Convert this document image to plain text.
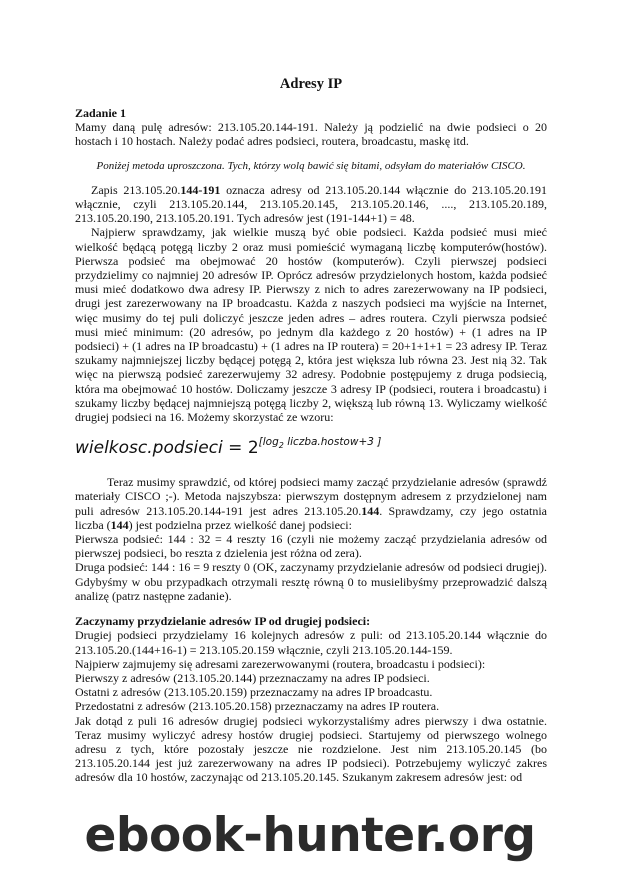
Adresy IP
Zadanie 1

Mamy daną pulę adresów: 213.105.20.144-191. Należy ją podzielić na dwie podsieci o 20 hostach i 10 hostach. Należy podać adres podsieci, routera, broadcastu, maskę itd.

Poniżej metoda uproszczona. Tych, którzy wolą bawić się bitami, odsyłam do materiałów CISCO.

Zapis 213.105.20.144-191 oznacza adresy od 213.105.20.144 włącznie do 213.105.20.191 włącznie, czyli 213.105.20.144, 213.105.20.145, 213.105.20.146, ...., 213.105.20.189, 213.105.20.190, 213.105.20.191. Tych adresów jest (191-144+1) = 48.

Najpierw sprawdzamy, jak wielkie muszą być obie podsieci. Każda podsieć musi mieć wielkość będącą potęgą liczby 2 oraz musi pomieścić wymaganą liczbę komputerów(hostów). Pierwsza podsieć ma obejmować 20 hostów (komputerów). Czyli pierwszej podsieci przydzielimy co najmniej 20 adresów IP. Oprócz adresów przydzielonych hostom, każda podsieć musi mieć dodatkowo dwa adresy IP. Pierwszy z nich to adres zarezerwowany na IP podsieci, drugi jest zarezerwowany na IP broadcastu. Każda z naszych podsieci ma wyjście na Internet, więc musimy do tej puli doliczyć jeszcze jeden adres – adres routera. Czyli pierwsza podsieć musi mieć minimum: (20 adresów, po jednym dla każdego z 20 hostów) + (1 adres na IP podsieci) + (1 adres na IP broadcastu) + (1 adres na IP routera) = 20+1+1+1 = 23 adresy IP. Teraz szukamy najmniejszej liczby będącej potęgą 2, która jest większa lub równa 23. Jest nią 32. Tak więc na pierwszą podsieć zarezerwujemy 32 adresy. Podobnie postępujemy z druga podsiecią, która ma obejmować 10 hostów. Doliczamy jeszcze 3 adresy IP (podsieci, routera i broadcastu) i szukamy liczby będącej najmniejszą potęgą liczby 2, większą lub równą 13. Wyliczamy wielkość drugiej podsieci na 16. Możemy skorzystać ze wzoru:

wielkosc.podsieci = 2[log2 liczba.hostow+3 ]

Teraz musimy sprawdzić, od której podsieci mamy zacząć przydzielanie adresów (sprawdź materiały CISCO ;-). Metoda najszybsza: pierwszym dostępnym adresem z przydzielonej nam puli adresów 213.105.20.144-191 jest adres 213.105.20.144. Sprawdzamy, czy jego ostatnia liczba (144) jest podzielna przez wielkość danej podsieci:

Pierwsza podsieć: 144 : 32 = 4 reszty 16 (czyli nie możemy zacząć przydzielania adresów od pierwszej podsieci, bo reszta z dzielenia jest różna od zera).

Druga podsieć: 144 : 16 = 9 reszty 0 (OK, zaczynamy przydzielanie adresów od podsieci drugiej). Gdybyśmy w obu przypadkach otrzymali resztę równą 0 to musielibyśmy przeprowadzić dalszą analizę (patrz następne zadanie).

Zaczynamy przydzielanie adresów IP od drugiej podsieci:

Drugiej podsieci przydzielamy 16 kolejnych adresów z puli: od 213.105.20.144 włącznie do 213.105.20.(144+16-1) = 213.105.20.159 włącznie, czyli 213.105.20.144-159.

Najpierw zajmujemy się adresami zarezerwowanymi (routera, broadcastu i podsieci):

Pierwszy z adresów (213.105.20.144) przeznaczamy na adres IP podsieci.

Ostatni z adresów (213.105.20.159) przeznaczamy na adres IP broadcastu.

Przedostatni z adresów (213.105.20.158) przeznaczamy na adres IP routera.

Jak dotąd z puli 16 adresów drugiej podsieci wykorzystaliśmy adres pierwszy i dwa ostatnie. Teraz musimy wyliczyć adresy hostów drugiej podsieci. Startujemy od pierwszego wolnego adresu z tych, które pozostały jeszcze nie rozdzielone. Jest nim 213.105.20.145 (bo 213.105.20.144 jest już zarezerwowany na adres IP podsieci). Potrzebujemy wyliczyć zakres adresów dla 10 hostów, zaczynając od 213.105.20.145. Szukanym zakresem adresów jest: od

ebook-hunter.org
